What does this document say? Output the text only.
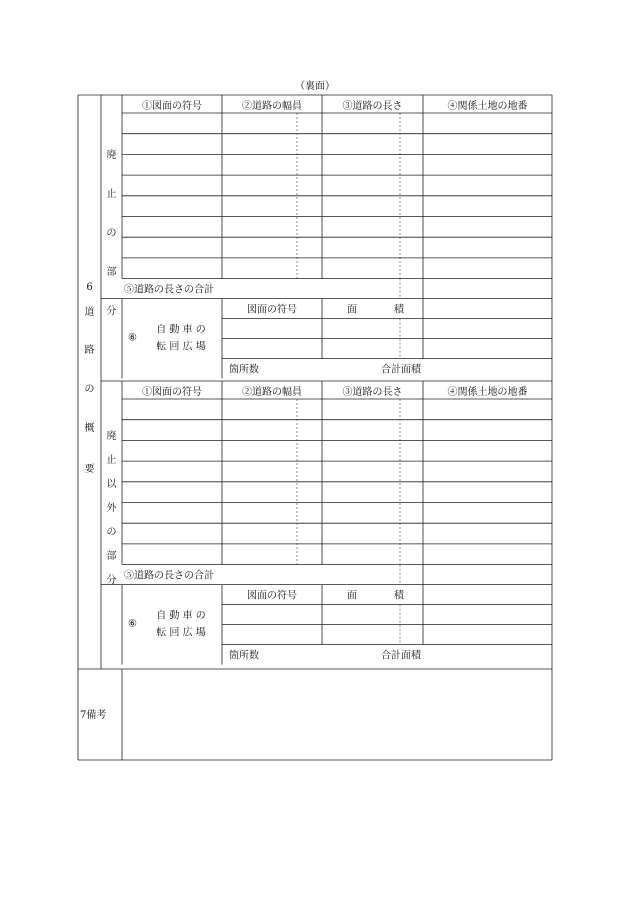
（裏面）
①図面の符号	②道路の幅員	③道路の長さ	④関係土地の地番
⑤道路の長さの合計
図面の符号	面	積
⑥
自 動 車 の
転 回 広 場
箇所数	合計面積
廃
止
の
部
分
①図面の符号	②道路の幅員	③道路の長さ	④関係土地の地番
⑤道路の長さの合計
図面の符号	面	積
⑥
自 動 車 の
転 回 広 場
箇所数	合計面積
廃
止
以
外
の
部
分
6
道
路
の
概
要
7備考
